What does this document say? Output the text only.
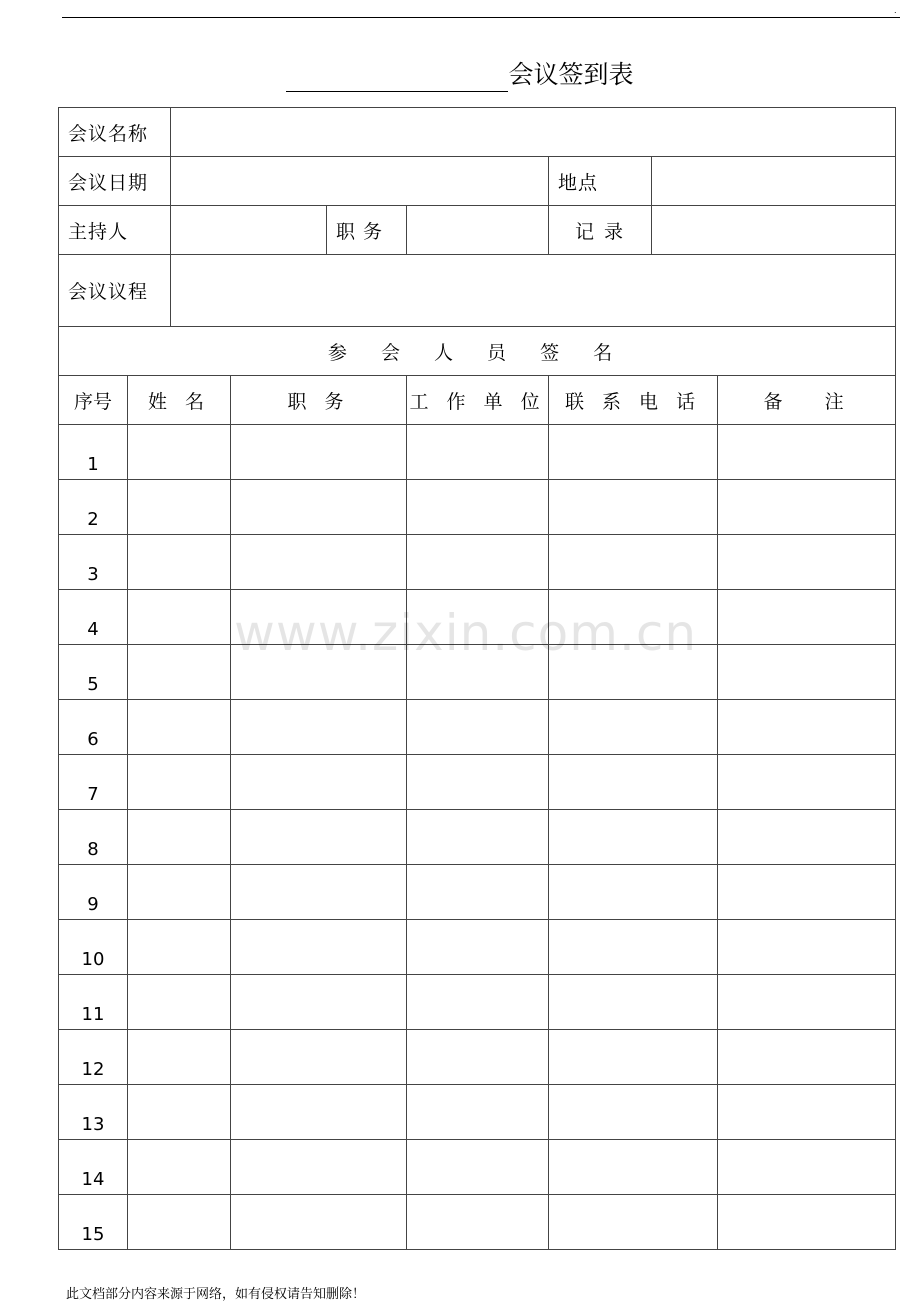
.
会议签到表
会议名称								
会议日期						地点		
主持人				职 务		记 录		
会议议程								
参 会 人 员 签 名								
序号	姓 名		职 务		工 作 单 位	联 系 电 话		备   注
1								
2								
3								
4								
5								
6								
7								
8								
9								
10								
11								
12								
13								
14								
15								
www.zixin.com.cn
此文档部分内容来源于网络，如有侵权请告知删除！
